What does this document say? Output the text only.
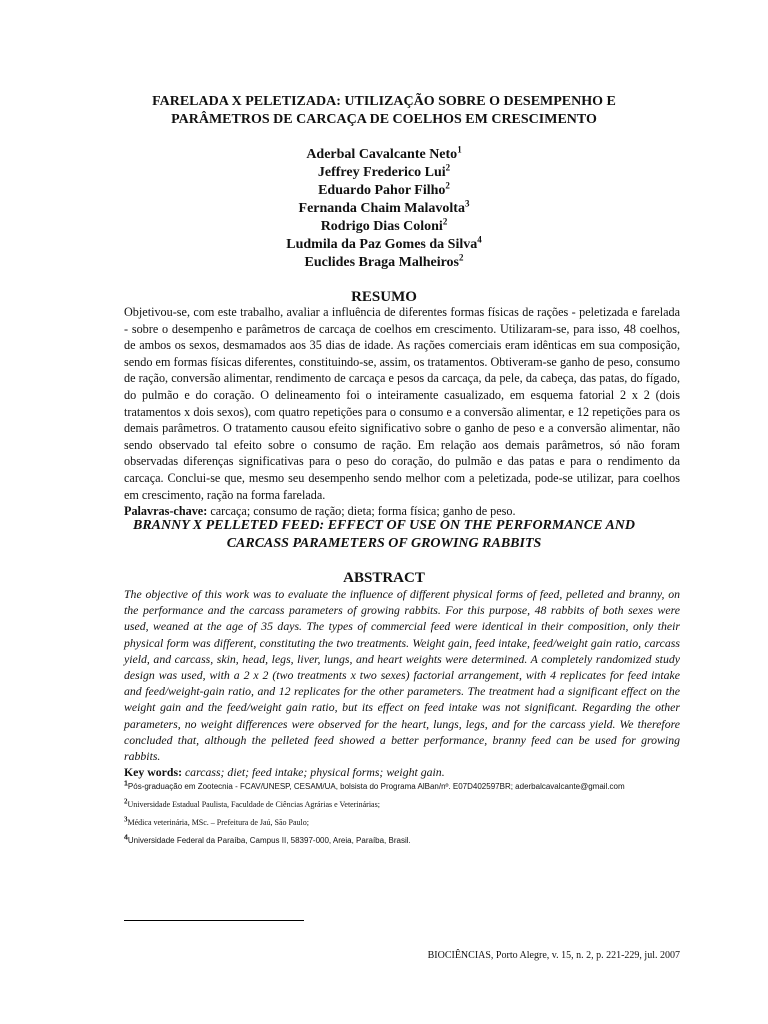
FARELADA X PELETIZADA: UTILIZAÇÃO SOBRE O DESEMPENHO E
PARÂMETROS DE CARCAÇA DE COELHOS EM CRESCIMENTO
Aderbal Cavalcante Neto$^1$
Jeffrey Frederico Lui$^2$
Eduardo Pahor Filho$^2$
Fernanda Chaim Malavolta$^3$
Rodrigo Dias Coloni$^2$
Ludmila da Paz Gomes da Silva$^4$
Euclides Braga Malheiros$^2$
RESUMO

Objetivou-se, com este trabalho, avaliar a influência de diferentes formas físicas de rações - peletizada e farelada - sobre o desempenho e parâmetros de carcaça de coelhos em crescimento. Utilizaram-se, para isso, 48 coelhos, de ambos os sexos, desmamados aos 35 dias de idade. As rações comerciais eram idênticas em sua composição, sendo em formas físicas diferentes, constituindo-se, assim, os tratamentos. Obtiveram-se ganho de peso, consumo de ração, conversão alimentar, rendimento de carcaça e pesos da carcaça, da pele, da cabeça, das patas, do fígado, do pulmão e do coração. O delineamento foi o inteiramente casualizado, em esquema fatorial 2 x 2 (dois tratamentos x dois sexos), com quatro repetições para o consumo e a conversão alimentar, e 12 repetições para os demais parâmetros. O tratamento causou efeito significativo sobre o ganho de peso e a conversão alimentar, não sendo observado tal efeito sobre o consumo de ração. Em relação aos demais parâmetros, só não foram observadas diferenças significativas para o peso do coração, do pulmão e das patas e para o rendimento da carcaça. Conclui-se que, mesmo seu desempenho sendo melhor com a peletizada, pode-se utilizar, para coelhos em crescimento, ração na forma farelada.

Palavras-chave: carcaça; consumo de ração; dieta; forma física; ganho de peso.

BRANNY X PELLETED FEED: EFFECT OF USE ON THE PERFORMANCE AND
CARCASS PARAMETERS OF GROWING RABBITS
ABSTRACT

The objective of this work was to evaluate the influence of different physical forms of feed, pelleted and branny, on the performance and the carcass parameters of growing rabbits. For this purpose, 48 rabbits of both sexes were used, weaned at the age of 35 days. The types of commercial feed were identical in their composition, only their physical form was different, constituting the two treatments. Weight gain, feed intake, feed/weight gain ratio, carcass yield, and carcass, skin, head, legs, liver, lungs, and heart weights were determined. A completely randomized study design was used, with a 2 x 2 (two treatments x two sexes) factorial arrangement, with 4 replicates for feed intake and feed/weight-gain ratio, and 12 replicates for the other parameters. The treatment had a significant effect on the weight gain and the feed/weight gain ratio, but its effect on feed intake was not significant. Regarding the other parameters, no weight differences were observed for the heart, lungs, legs, and for the carcass yield. We therefore concluded that, although the pelleted feed showed a better performance, branny feed can be used for growing rabbits.

Key words: carcass; diet; feed intake; physical forms; weight gain.

$^1$Pós-graduação em Zootecnia - FCAV/UNESP, CESAM/UA, bolsista do Programa AlBan/nº. E07D402597BR; aderbalcavalcante@gmail.com
$^2$Universidade Estadual Paulista, Faculdade de Ciências Agrárias e Veterinárias;
$^3$Médica veterinária, MSc. – Prefeitura de Jaú, São Paulo;
$^4$Universidade Federal da Paraíba, Campus II, 58397-000, Areia, Paraíba, Brasil.
BIOCIÊNCIAS, Porto Alegre, v. 15, n. 2, p. 221-229, jul. 2007
